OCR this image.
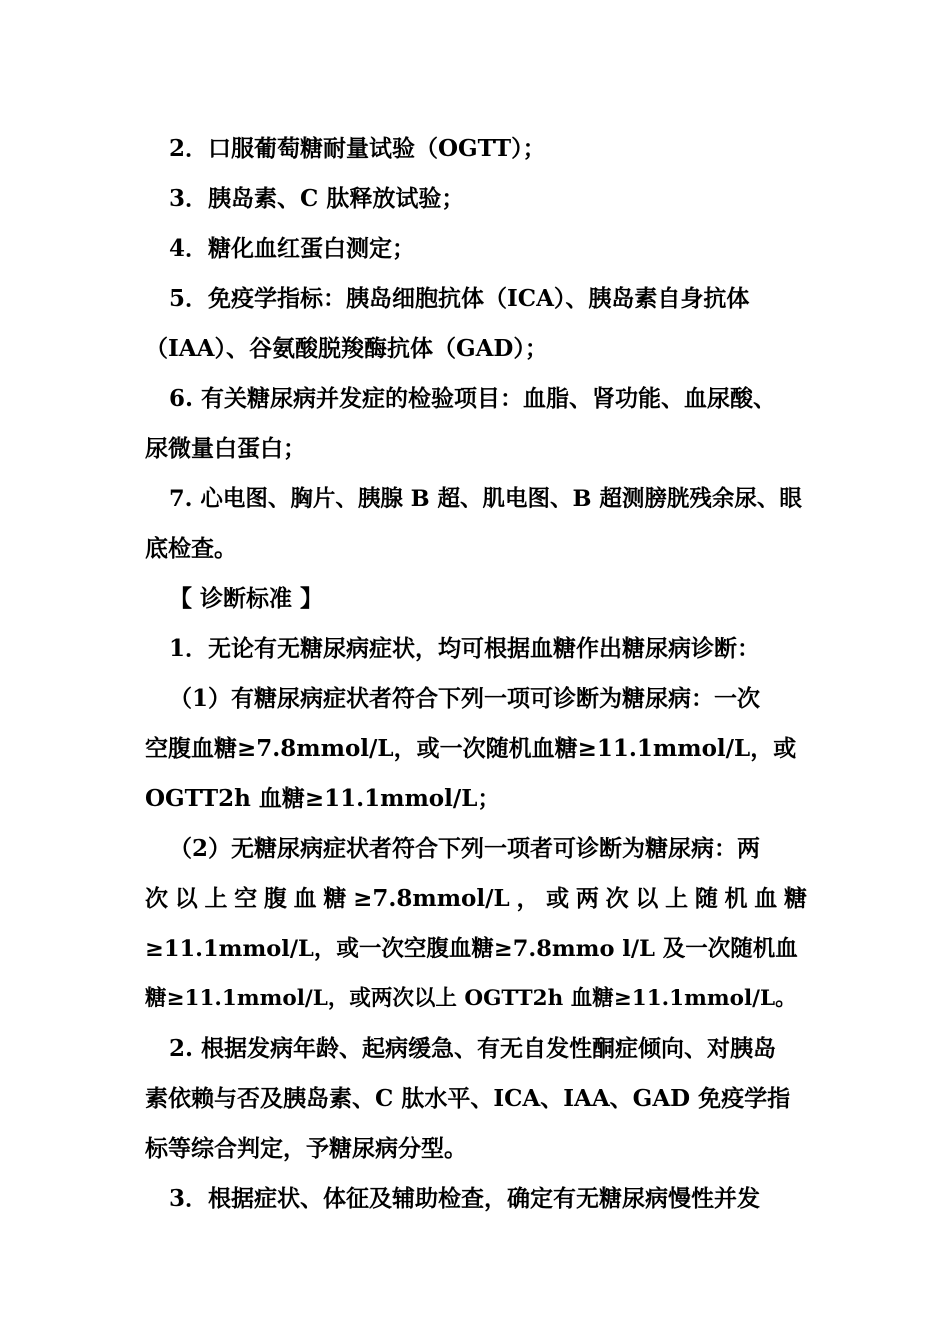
2．口服葡萄糖耐量试验（OGTT）；
3．胰岛素、C 肽释放试验；
4．糖化血红蛋白测定；
5．免疫学指标：胰岛细胞抗体（ICA）、胰岛素自身抗体
（IAA）、谷氨酸脱羧酶抗体（GAD）；
6. 有关糖尿病并发症的检验项目：血脂、肾功能、血尿酸、
尿微量白蛋白；
7. 心电图、胸片、胰腺 B 超、肌电图、B 超测膀胱残余尿、眼
底检查。
【 诊断标准 】
1．无论有无糖尿病症状，均可根据血糖作出糖尿病诊断：
（1）有糖尿病症状者符合下列一项可诊断为糖尿病：一次
空腹血糖≥7.8mmol/L，或一次随机血糖≥11.1mmol/L，或
OGTT2h 血糖≥11.1mmol/L；
（2）无糖尿病症状者符合下列一项者可诊断为糖尿病：两
次以上空腹血糖≥7.8mmol/L，或两次以上随机血糖
≥11.1mmol/L，或一次空腹血糖≥7.8mmo l/L 及一次随机血
糖≥11.1mmol/L，或两次以上 OGTT2h 血糖≥11.1mmol/L。
2. 根据发病年龄、起病缓急、有无自发性酮症倾向、对胰岛
素依赖与否及胰岛素、C 肽水平、ICA、IAA、GAD 免疫学指
标等综合判定，予糖尿病分型。
3．根据症状、体征及辅助检查，确定有无糖尿病慢性并发
